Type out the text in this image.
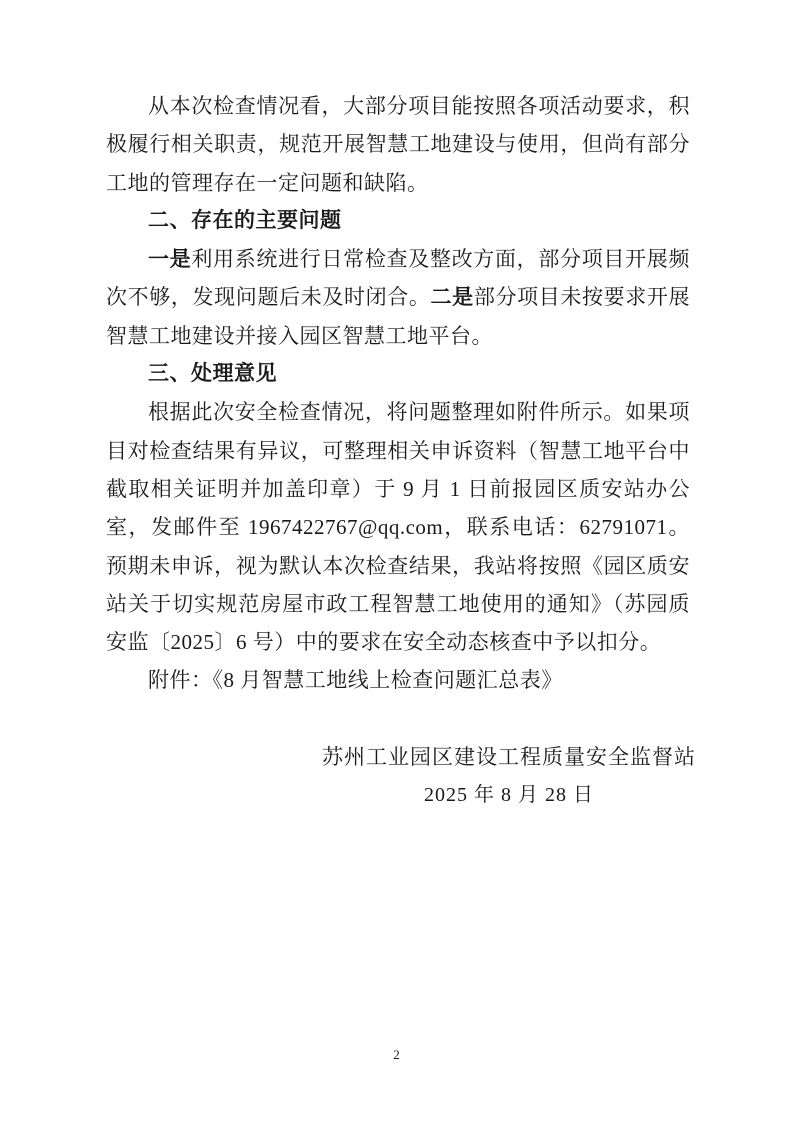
从本次检查情况看，大部分项目能按照各项活动要求，积极履行相关职责，规范开展智慧工地建设与使用，但尚有部分工地的管理存在一定问题和缺陷。

二、存在的主要问题

一是利用系统进行日常检查及整改方面，部分项目开展频次不够，发现问题后未及时闭合。二是部分项目未按要求开展智慧工地建设并接入园区智慧工地平台。

三、处理意见

根据此次安全检查情况，将问题整理如附件所示。如果项目对检查结果有异议，可整理相关申诉资料（智慧工地平台中截取相关证明并加盖印章）于 9 月 1 日前报园区质安站办公室，发邮件至 1967422767@qq.com，联系电话：62791071。预期未申诉，视为默认本次检查结果，我站将按照《园区质安站关于切实规范房屋市政工程智慧工地使用的通知》（苏园质安监〔2025〕6 号）中的要求在安全动态核查中予以扣分。

附件：《8 月智慧工地线上检查问题汇总表》

苏州工业园区建设工程质量安全监督站

2025 年 8 月 28 日

2
